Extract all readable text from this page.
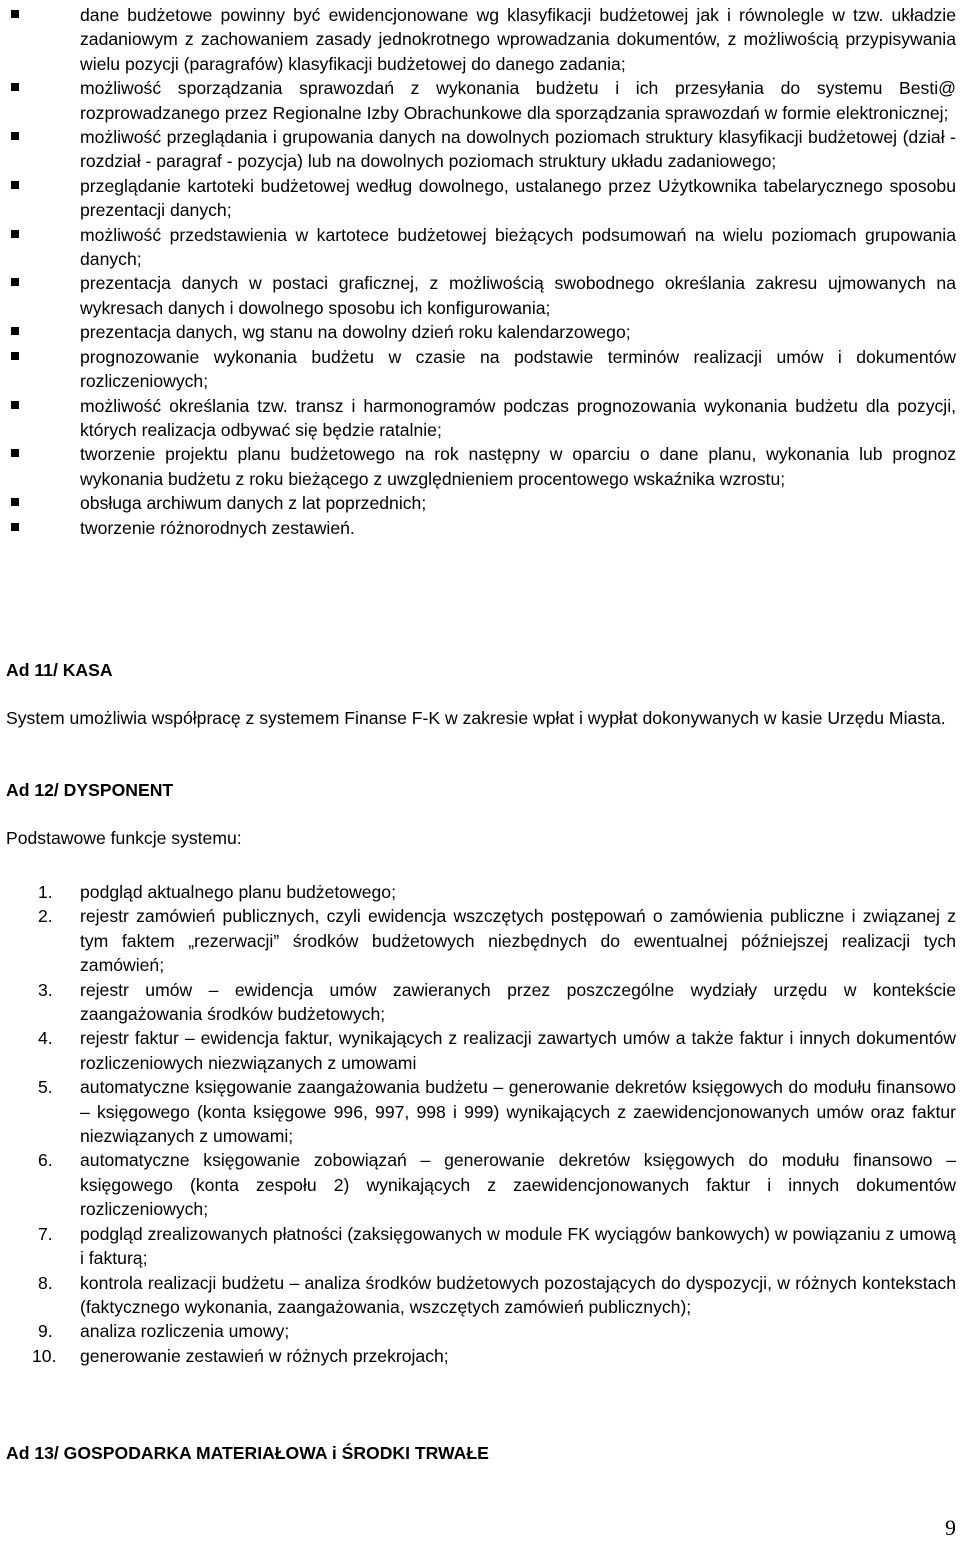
dane budżetowe powinny być ewidencjonowane wg klasyfikacji budżetowej jak i równolegle w tzw. układzie zadaniowym z zachowaniem zasady jednokrotnego wprowadzania dokumentów, z możliwością przypisywania wielu pozycji (paragrafów) klasyfikacji budżetowej do danego zadania;
możliwość sporządzania sprawozdań z wykonania budżetu i ich przesyłania do systemu Besti@ rozprowadzanego przez Regionalne Izby Obrachunkowe dla sporządzania sprawozdań w formie elektronicznej;
możliwość przeglądania i grupowania danych na dowolnych poziomach struktury klasyfikacji budżetowej (dział - rozdział - paragraf - pozycja) lub na dowolnych poziomach struktury układu zadaniowego;
przeglądanie kartoteki budżetowej według dowolnego, ustalanego przez Użytkownika tabelarycznego sposobu prezentacji danych;
możliwość przedstawienia w kartotece budżetowej bieżących podsumowań na wielu poziomach grupowania danych;
prezentacja danych w postaci graficznej, z możliwością swobodnego określania zakresu ujmowanych na wykresach danych i dowolnego sposobu ich konfigurowania;
prezentacja danych, wg stanu na dowolny dzień roku kalendarzowego;
prognozowanie wykonania budżetu w czasie na podstawie terminów realizacji umów i dokumentów rozliczeniowych;
możliwość określania tzw. transz i harmonogramów podczas prognozowania wykonania budżetu dla pozycji, których realizacja odbywać się będzie ratalnie;
tworzenie projektu planu budżetowego na rok następny w oparciu o dane planu, wykonania lub prognoz wykonania budżetu z roku bieżącego z uwzględnieniem procentowego wskaźnika wzrostu;
obsługa archiwum danych z lat poprzednich;
tworzenie różnorodnych zestawień.
Ad 11/ KASA
System umożliwia współpracę z systemem Finanse F-K w zakresie wpłat i wypłat dokonywanych w kasie Urzędu Miasta.
Ad 12/ DYSPONENT
Podstawowe funkcje systemu:
1. podgląd aktualnego planu budżetowego;
2. rejestr zamówień publicznych, czyli ewidencja wszczętych postępowań o zamówienia publiczne i związanej z tym faktem „rezerwacji” środków budżetowych niezbędnych do ewentualnej późniejszej realizacji tych zamówień;
3. rejestr umów – ewidencja umów zawieranych przez poszczególne wydziały urzędu w kontekście zaangażowania środków budżetowych;
4. rejestr faktur – ewidencja faktur, wynikających z realizacji zawartych umów a także faktur i innych dokumentów rozliczeniowych niezwiązanych z umowami
5. automatyczne księgowanie zaangażowania budżetu – generowanie dekretów księgowych do modułu finansowo – księgowego (konta księgowe 996, 997, 998 i 999) wynikających z zaewidencjonowanych umów oraz faktur niezwiązanych z umowami;
6. automatyczne księgowanie zobowiązań – generowanie dekretów księgowych do modułu finansowo – księgowego (konta zespołu 2) wynikających z zaewidencjonowanych faktur i innych dokumentów rozliczeniowych;
7. podgląd zrealizowanych płatności (zaksięgowanych w module FK wyciągów bankowych) w powiązaniu z umową i fakturą;
8. kontrola realizacji budżetu – analiza środków budżetowych pozostających do dyspozycji, w różnych kontekstach (faktycznego wykonania, zaangażowania, wszczętych zamówień publicznych);
9. analiza rozliczenia umowy;
10. generowanie zestawień w różnych przekrojach;
Ad 13/ GOSPODARKA MATERIAŁOWA i ŚRODKI TRWAŁE
9
